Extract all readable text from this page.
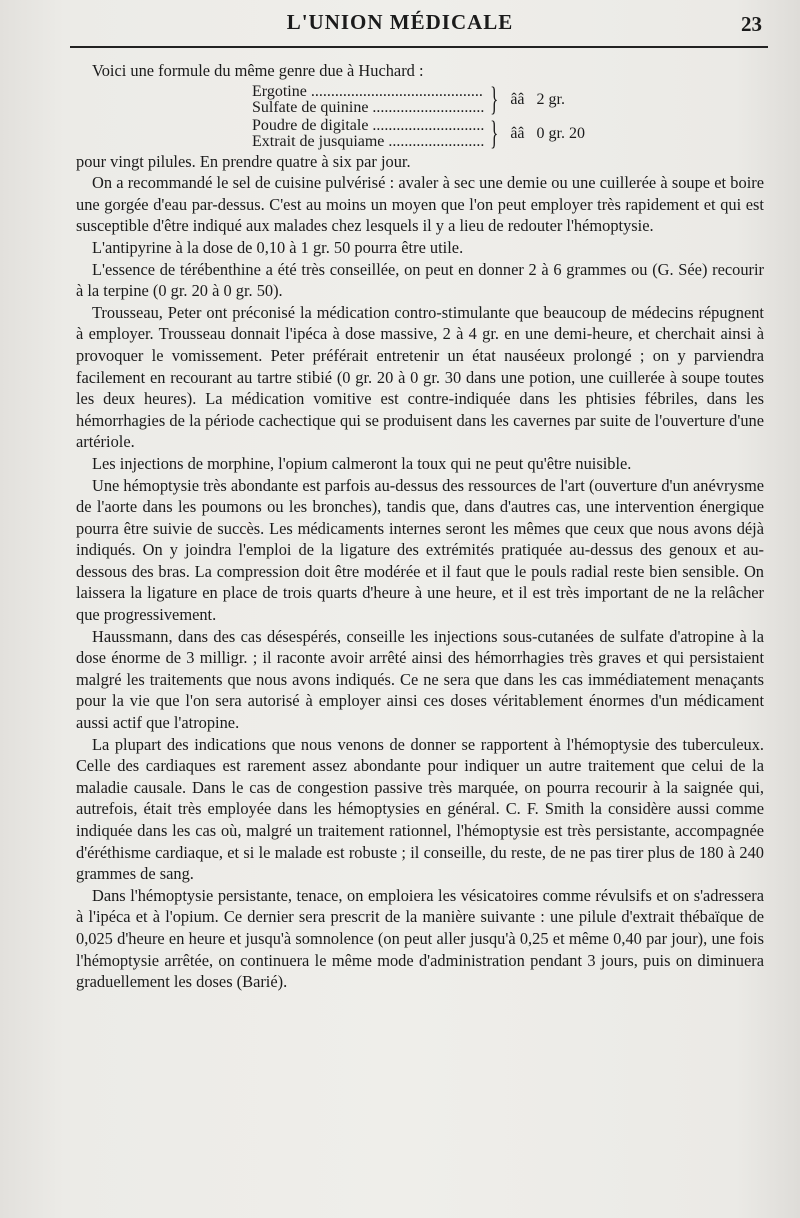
L'UNION MÉDICALE	23

Voici une formule du même genre due à Huchard :

Ergotine .....
Sulfate de quinine .....	} ââ   2 gr.
Poudre de digitale .....
Extrait de jusquiame .....	} ââ   0 gr. 20

pour vingt pilules. En prendre quatre à six par jour.

On a recommandé le sel de cuisine pulvérisé : avaler à sec une demie ou une cuillerée à soupe et boire une gorgée d'eau par-dessus. C'est au moins un moyen que l'on peut employer très rapidement et qui est susceptible d'être indiqué aux malades chez lesquels il y a lieu de redouter l'hémoptysie.

L'antipyrine à la dose de 0,10 à 1 gr. 50 pourra être utile.

L'essence de térébenthine a été très conseillée, on peut en donner 2 à 6 grammes ou (G. Sée) recourir à la terpine (0 gr. 20 à 0 gr. 50).

Trousseau, Peter ont préconisé la médication contro-stimulante que beaucoup de médecins répugnent à employer. Trousseau donnait l'ipéca à dose massive, 2 à 4 gr. en une demi-heure, et cherchait ainsi à provoquer le vomissement. Peter préférait entretenir un état nauséeux prolongé ; on y parviendra facilement en recourant au tartre stibié (0 gr. 20 à 0 gr. 30 dans une potion, une cuillerée à soupe toutes les deux heures). La médication vomitive est contre-indiquée dans les phtisies fébriles, dans les hémorrhagies de la période cachectique qui se produisent dans les cavernes par suite de l'ouverture d'une artériole.

Les injections de morphine, l'opium calmeront la toux qui ne peut qu'être nuisible.

Une hémoptysie très abondante est parfois au-dessus des ressources de l'art (ouverture d'un anévrysme de l'aorte dans les poumons ou les bronches), tandis que, dans d'autres cas, une intervention énergique pourra être suivie de succès. Les médicaments internes seront les mêmes que ceux que nous avons déjà indiqués. On y joindra l'emploi de la ligature des extrémités pratiquée au-dessus des genoux et au-dessous des bras. La compression doit être modérée et il faut que le pouls radial reste bien sensible. On laissera la ligature en place de trois quarts d'heure à une heure, et il est très important de ne la relâcher que progressivement.

Haussmann, dans des cas désespérés, conseille les injections sous-cutanées de sulfate d'atropine à la dose énorme de 3 milligr. ; il raconte avoir arrêté ainsi des hémorrhagies très graves et qui persistaient malgré les traitements que nous avons indiqués. Ce ne sera que dans les cas immédiatement menaçants pour la vie que l'on sera autorisé à employer ainsi ces doses véritablement énormes d'un médicament aussi actif que l'atropine.

La plupart des indications que nous venons de donner se rapportent à l'hémoptysie des tuberculeux. Celle des cardiaques est rarement assez abondante pour indiquer un autre traitement que celui de la maladie causale. Dans le cas de congestion passive très marquée, on pourra recourir à la saignée qui, autrefois, était très employée dans les hémoptysies en général. C. F. Smith la considère aussi comme indiquée dans les cas où, malgré un traitement rationnel, l'hémoptysie est très persistante, accompagnée d'éréthisme cardiaque, et si le malade est robuste ; il conseille, du reste, de ne pas tirer plus de 180 à 240 grammes de sang.

Dans l'hémoptysie persistante, tenace, on emploiera les vésicatoires comme révulsifs et on s'adressera à l'ipéca et à l'opium. Ce dernier sera prescrit de la manière suivante : une pilule d'extrait thébaïque de 0,025 d'heure en heure et jusqu'à somnolence (on peut aller jusqu'à 0,25 et même 0,40 par jour), une fois l'hémoptysie arrêtée, on continuera le même mode d'administration pendant 3 jours, puis on diminuera graduellement les doses (Barié).
